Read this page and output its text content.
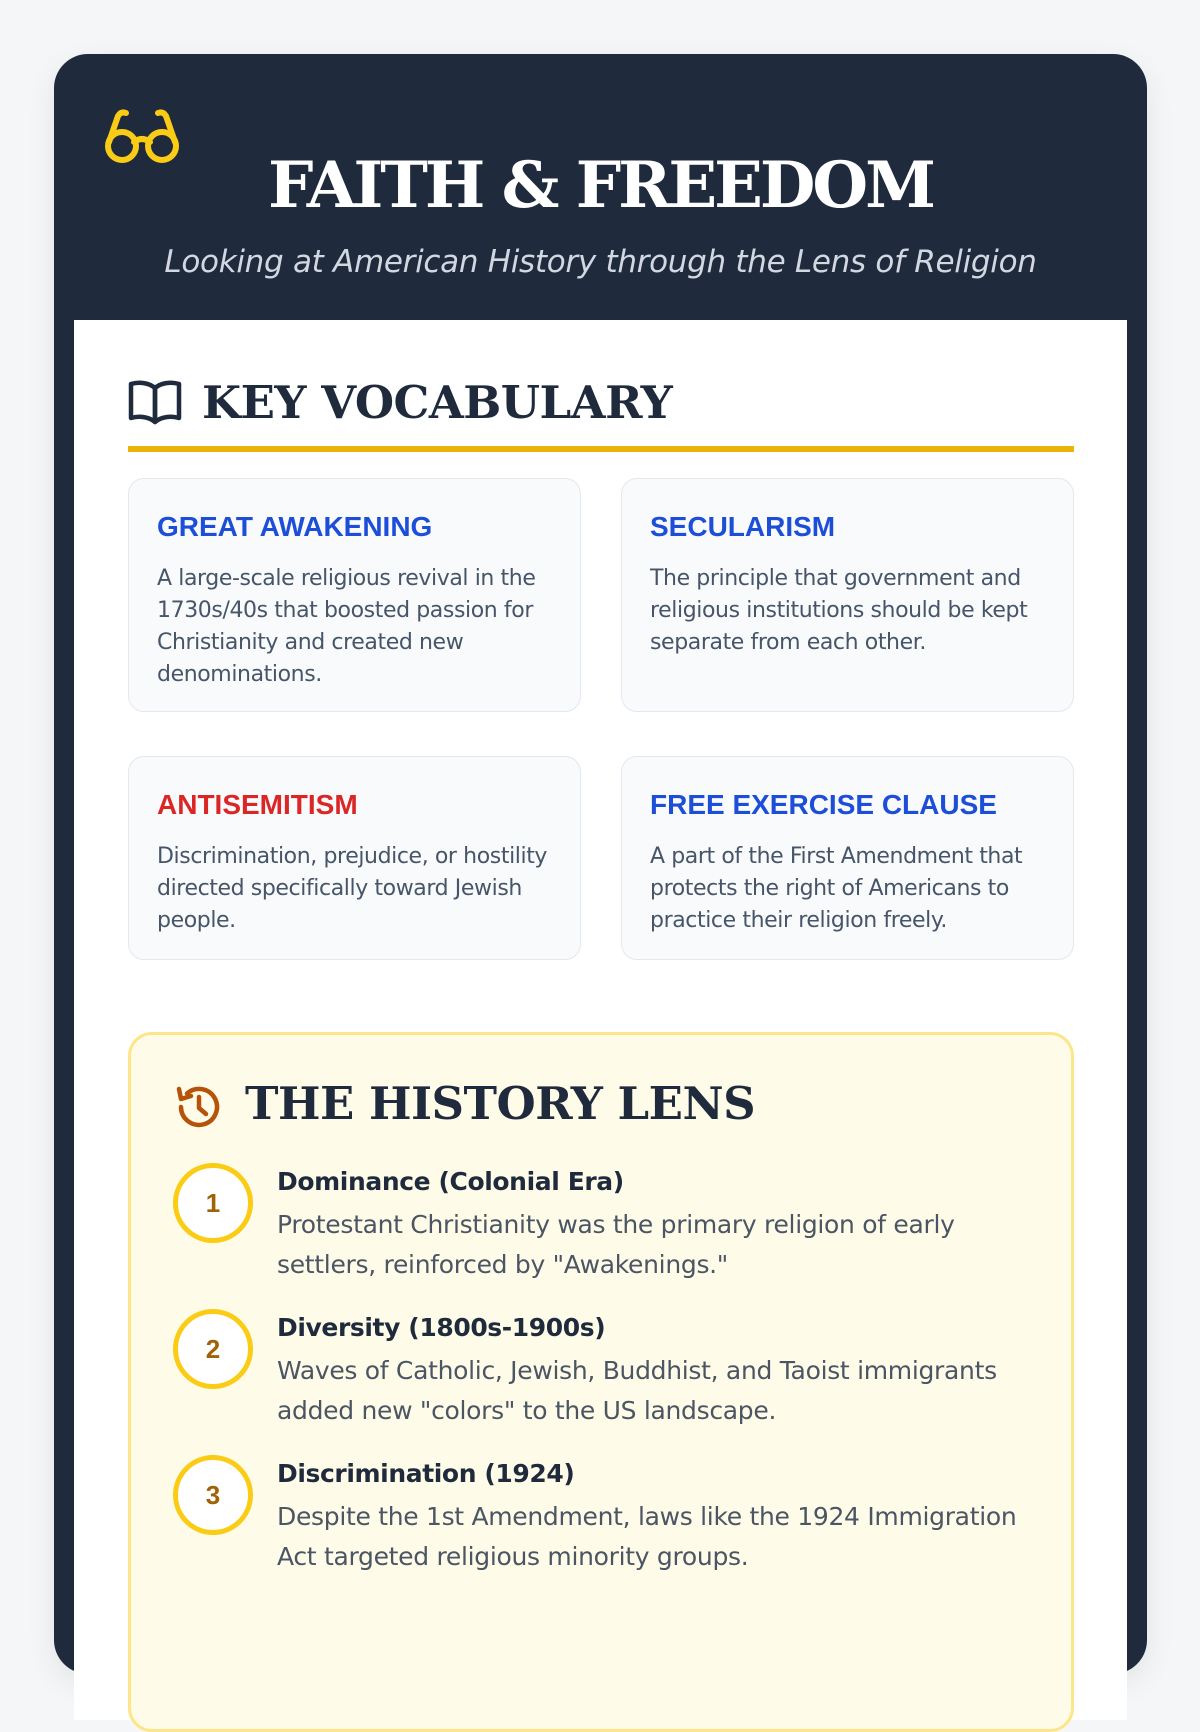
FAITH & FREEDOM
Looking at American History through the Lens of Religion
KEY VOCABULARY
GREAT AWAKENING
A large-scale religious revival in the 1730s/40s that boosted passion for Christianity and created new denominations.
SECULARISM
The principle that government and religious institutions should be kept separate from each other.
ANTISEMITISM
Discrimination, prejudice, or hostility directed specifically toward Jewish people.
FREE EXERCISE CLAUSE
A part of the First Amendment that protects the right of Americans to practice their religion freely.
THE HISTORY LENS
1
Dominance (Colonial Era)
Protestant Christianity was the primary religion of early settlers, reinforced by "Awakenings."
2
Diversity (1800s-1900s)
Waves of Catholic, Jewish, Buddhist, and Taoist immigrants added new "colors" to the US landscape.
3
Discrimination (1924)
Despite the 1st Amendment, laws like the 1924 Immigration Act targeted religious minority groups.
